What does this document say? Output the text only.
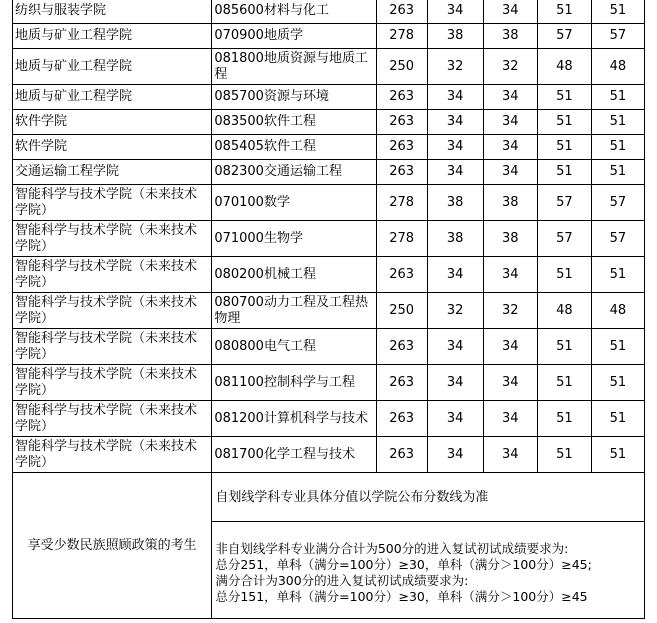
纺织与服装学院	085600材料与化工	263	34	34	51	51
地质与矿业工程学院	070900地质学	278	38	38	57	57
地质与矿业工程学院	081800地质资源与地质工程	250	32	32	48	48
地质与矿业工程学院	085700资源与环境	263	34	34	51	51
软件学院	083500软件工程	263	34	34	51	51
软件学院	085405软件工程	263	34	34	51	51
交通运输工程学院	082300交通运输工程	263	34	34	51	51
智能科学与技术学院（未来技术学院）	070100数学	278	38	38	57	57
智能科学与技术学院（未来技术学院）	071000生物学	278	38	38	57	57
智能科学与技术学院（未来技术学院）	080200机械工程	263	34	34	51	51
智能科学与技术学院（未来技术学院）	080700动力工程及工程热物理	250	32	32	48	48
智能科学与技术学院（未来技术学院）	080800电气工程	263	34	34	51	51
智能科学与技术学院（未来技术学院）	081100控制科学与工程	263	34	34	51	51
智能科学与技术学院（未来技术学院）	081200计算机科学与技术	263	34	34	51	51
智能科学与技术学院（未来技术学院）	081700化学工程与技术	263	34	34	51	51
享受少数民族照顾政策的考生	自划线学科专业具体分值以学院公布分数线为准
非自划线学科专业满分合计为500分的进入复试初试成绩要求为:
总分251，单科（满分=100分）≥30，单科（满分＞100分）≥45;
满分合计为300分的进入复试初试成绩要求为:
总分151，单科（满分=100分）≥30，单科（满分＞100分）≥45					
